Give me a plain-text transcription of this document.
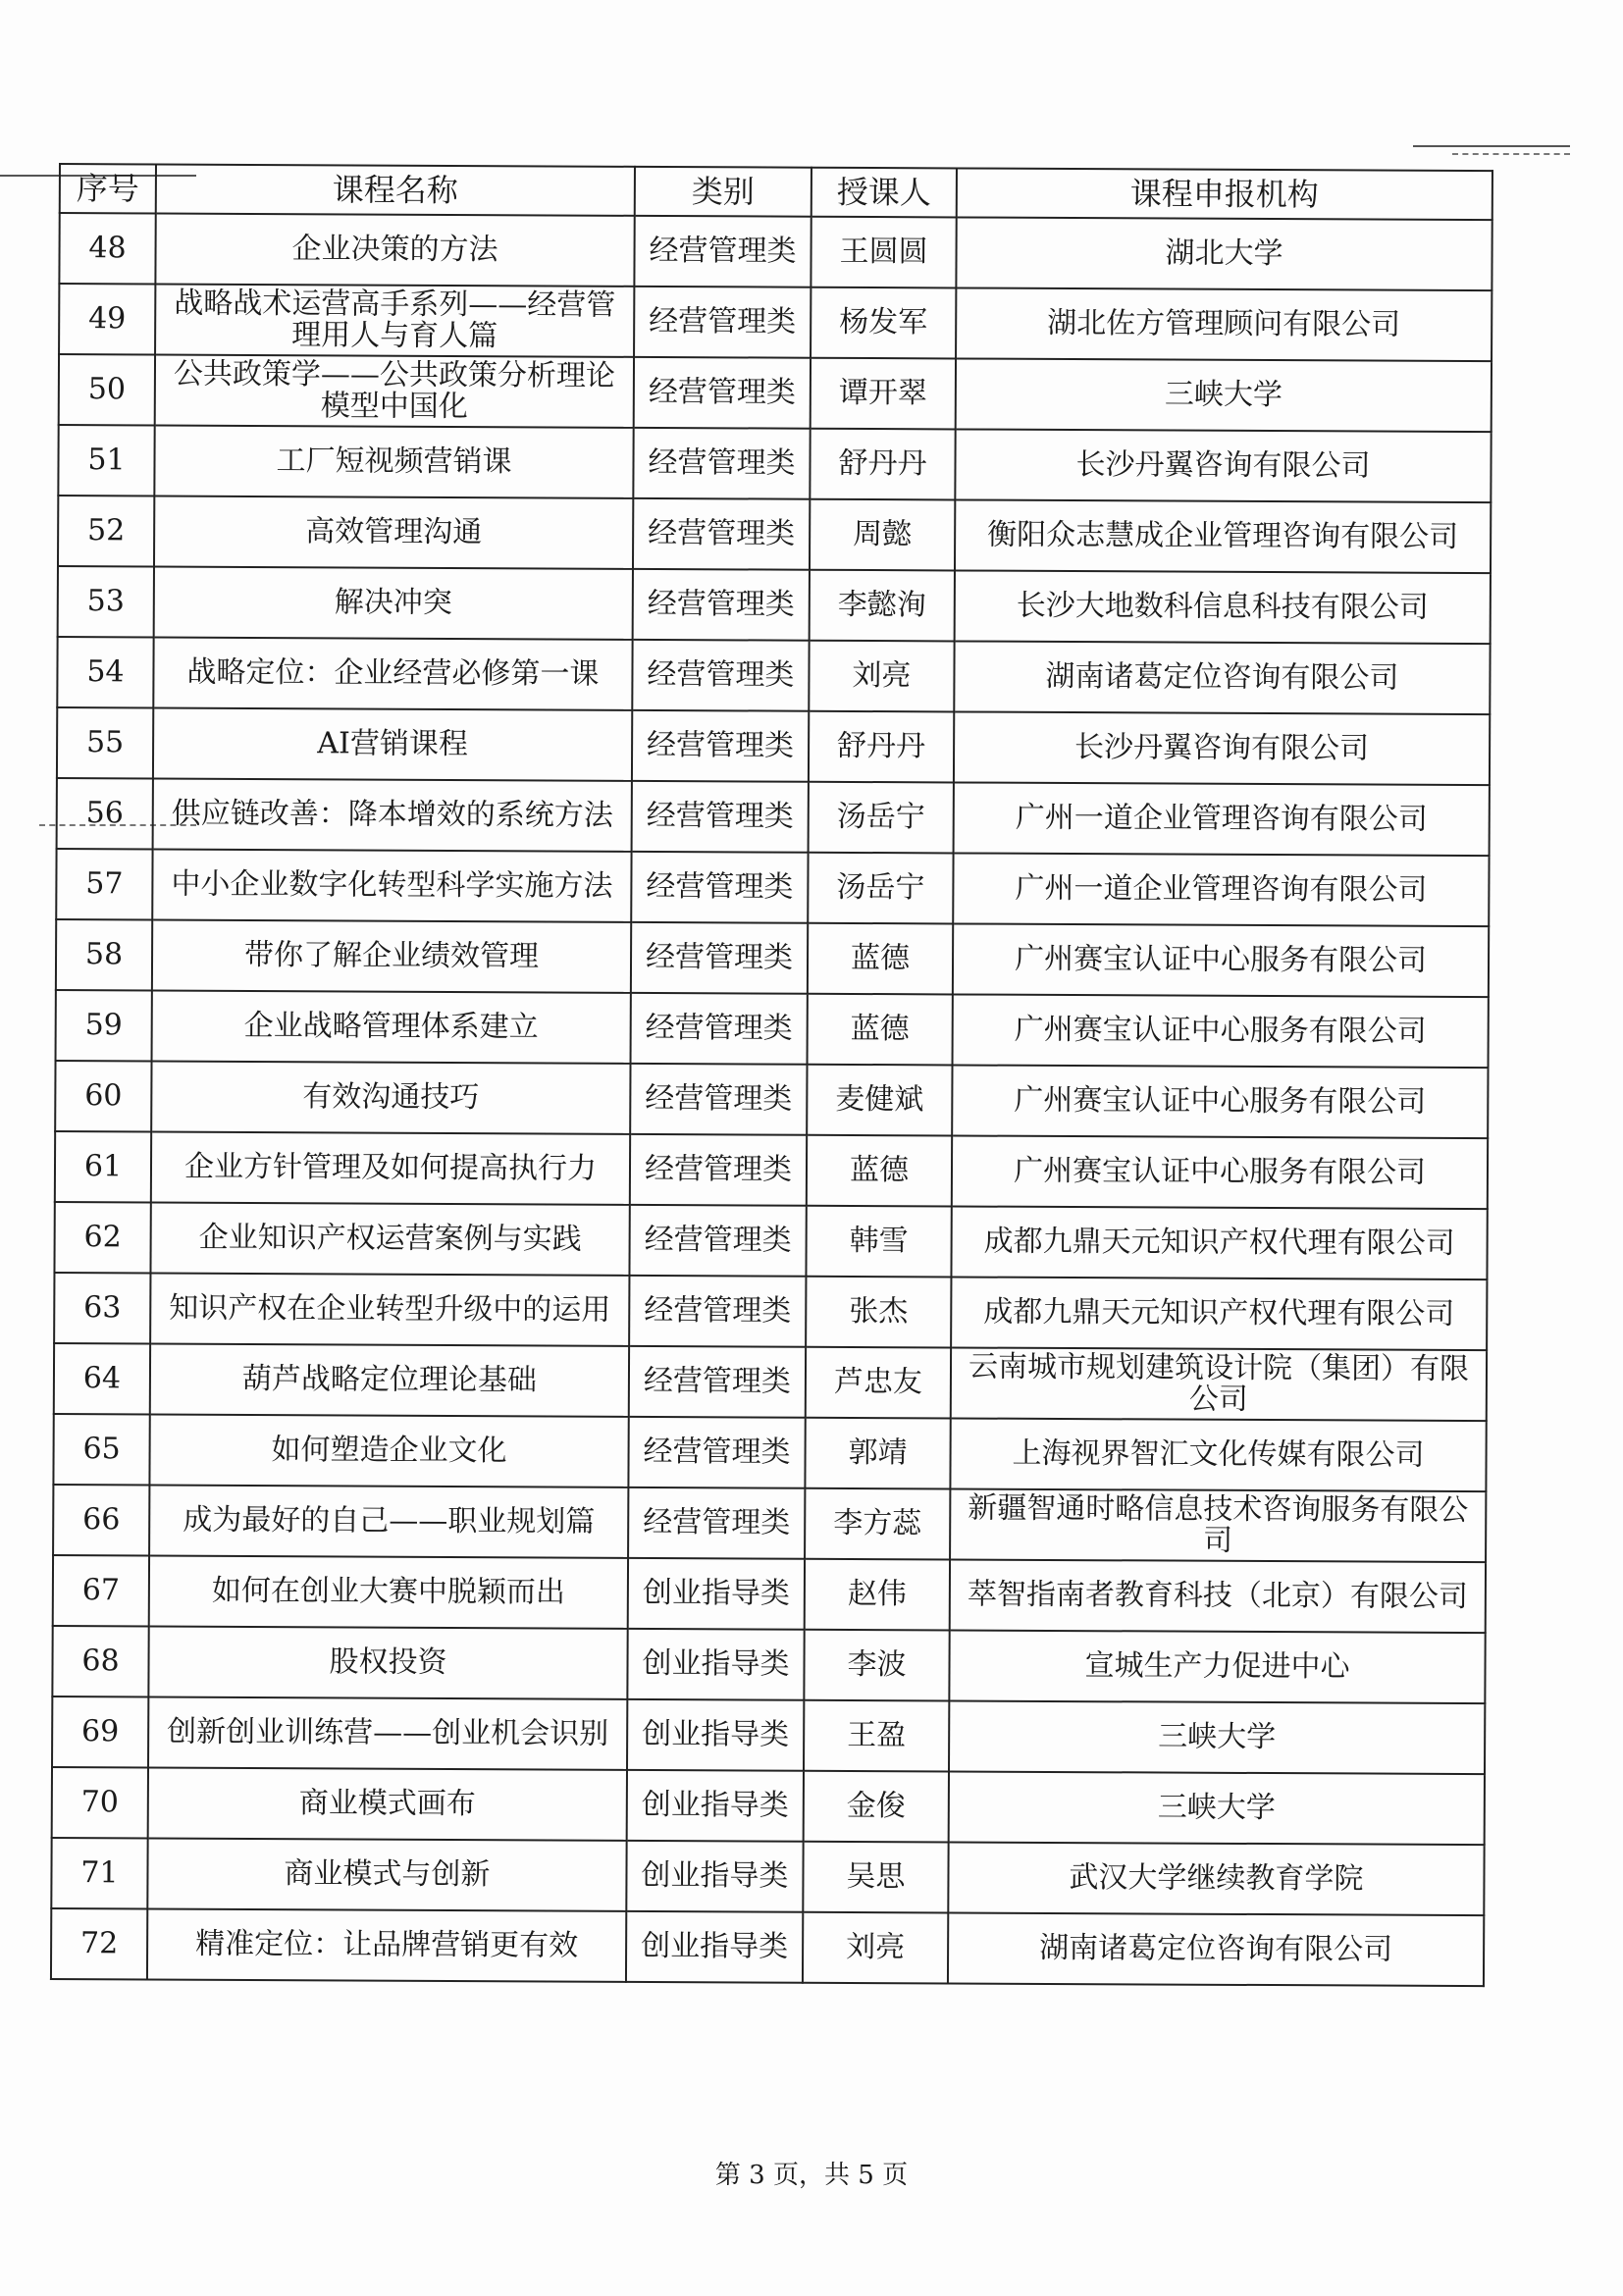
序号	课程名称	类别	授课人	课程申报机构
48	企业决策的方法	经营管理类	王圆圆	湖北大学
49	战略战术运营高手系列——经营管理用人与育人篇	经营管理类	杨发军	湖北佐方管理顾问有限公司
50	公共政策学——公共政策分析理论模型中国化	经营管理类	谭开翠	三峡大学
51	工厂短视频营销课	经营管理类	舒丹丹	长沙丹翼咨询有限公司
52	高效管理沟通	经营管理类	周懿	衡阳众志慧成企业管理咨询有限公司
53	解决冲突	经营管理类	李懿洵	长沙大地数科信息科技有限公司
54	战略定位：企业经营必修第一课	经营管理类	刘亮	湖南诸葛定位咨询有限公司
55	AI营销课程	经营管理类	舒丹丹	长沙丹翼咨询有限公司
56	供应链改善：降本增效的系统方法	经营管理类	汤岳宁	广州一道企业管理咨询有限公司
57	中小企业数字化转型科学实施方法	经营管理类	汤岳宁	广州一道企业管理咨询有限公司
58	带你了解企业绩效管理	经营管理类	蓝德	广州赛宝认证中心服务有限公司
59	企业战略管理体系建立	经营管理类	蓝德	广州赛宝认证中心服务有限公司
60	有效沟通技巧	经营管理类	麦健斌	广州赛宝认证中心服务有限公司
61	企业方针管理及如何提高执行力	经营管理类	蓝德	广州赛宝认证中心服务有限公司
62	企业知识产权运营案例与实践	经营管理类	韩雪	成都九鼎天元知识产权代理有限公司
63	知识产权在企业转型升级中的运用	经营管理类	张杰	成都九鼎天元知识产权代理有限公司
64	葫芦战略定位理论基础	经营管理类	芦忠友	云南城市规划建筑设计院（集团）有限公司
65	如何塑造企业文化	经营管理类	郭靖	上海视界智汇文化传媒有限公司
66	成为最好的自己——职业规划篇	经营管理类	李方蕊	新疆智通时略信息技术咨询服务有限公司
67	如何在创业大赛中脱颖而出	创业指导类	赵伟	萃智指南者教育科技（北京）有限公司
68	股权投资	创业指导类	李波	宣城生产力促进中心
69	创新创业训练营——创业机会识别	创业指导类	王盈	三峡大学
70	商业模式画布	创业指导类	金俊	三峡大学
71	商业模式与创新	创业指导类	吴思	武汉大学继续教育学院
72	精准定位：让品牌营销更有效	创业指导类	刘亮	湖南诸葛定位咨询有限公司
第 3 页，共 5 页
